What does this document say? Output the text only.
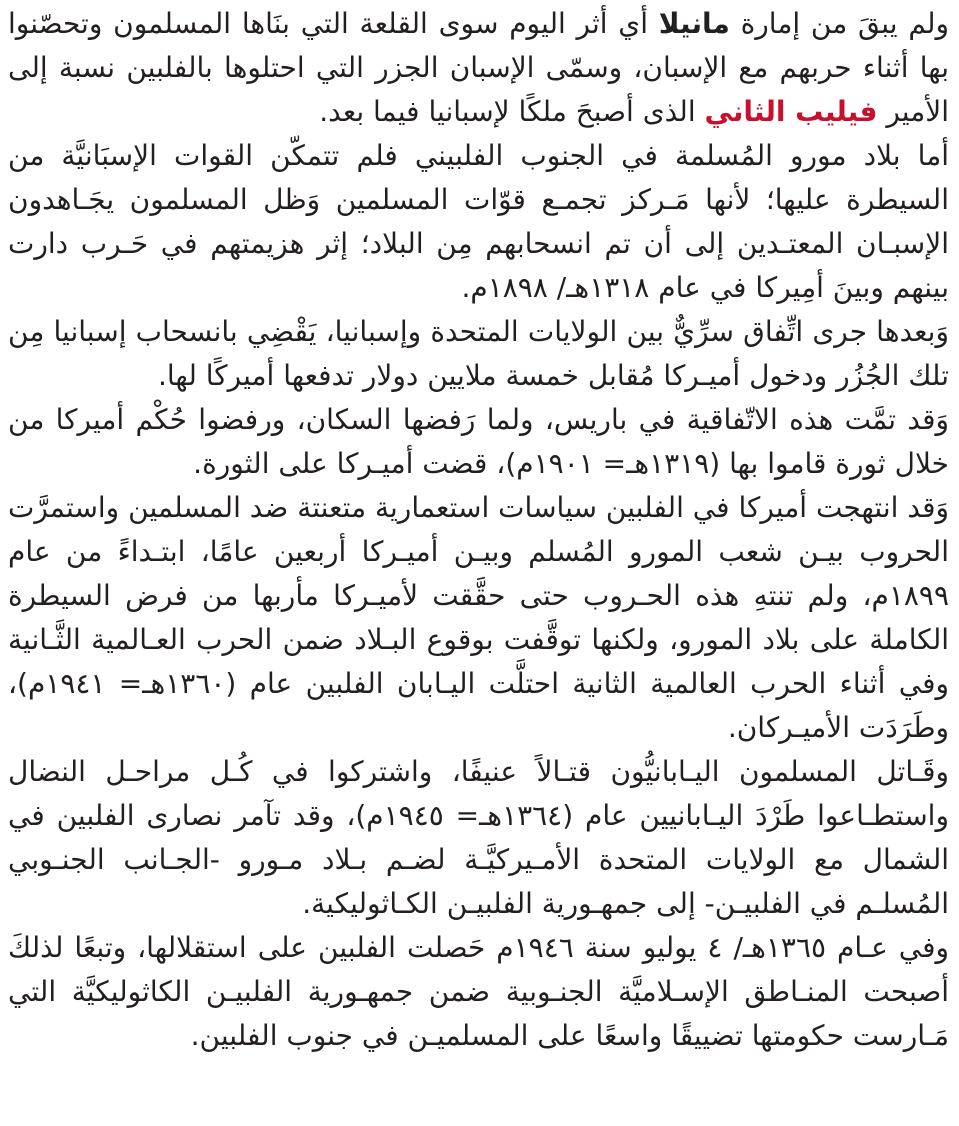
ولم يبقَ من إمارة مانيلا أي أثر اليوم سوى القلعة التي بنَاها المسلمون وتحصّنوا بها أثناء حربهم مع الإسبان، وسمّى الإسبان الجزر التي احتلوها بالفلبين نسبة إلى الأمير فيليب الثاني الذى أصبحَ ملكًا لإسبانيا فيما بعد.

أما بلاد مورو المُسلمة في الجنوب الفلبيني فلم تتمكّن القوات الإسبَانيَّة من السيطرة عليها؛ لأنها مَـركز تجمـع قوّات المسلمين وَظل المسلمون يجَـاهدون الإسبـان المعتـدين إلى أن تم انسحابهم مِن البلاد؛ إثر هزيمتهم في حَـرب دارت بينهم وبينَ أمِيركا في عام ١٣١٨هـ/ ١٨٩٨م.

وَبعدها جرى اتِّفاق سرِّيٌّ بين الولايات المتحدة وإسبانيا، يَقْضِي بانسحاب إسبانيا مِن تلك الجُزُر ودخول أميـركا مُقابل خمسة ملايين دولار تدفعها أميركًا لها.

وَقد تمَّت هذه الاتّفاقية في باريس، ولما رَفضها السكان، ورفضوا حُكْم أميركا من خلال ثورة قاموا بها (١٣١٩هـ= ١٩٠١م)، قضت أميـركا على الثورة.

وَقد انتهجت أميركا في الفلبين سياسات استعمارية متعنتة ضد المسلمين واستمرَّت الحروب بيـن شعب المورو المُسلم وبيـن أميـركا أربعين عامًا، ابتـداءً من عام ١٨٩٩م، ولم تنتهِ هذه الحـروب حتى حقَّقت لأميـركا مأربها من فرض السيطرة الكاملة على بلاد المورو، ولكنها توقَّفت بوقوع البـلاد ضمن الحرب العـالمية الثَّـانية وفي أثناء الحرب العالمية الثانية احتلَّت اليـابان الفلبين عام (١٣٦٠هـ= ١٩٤١م)، وطَرَدَت الأميـركان.

وقَـاتل المسلمون اليـابانيُّون قتـالاً عنيفًا، واشتركوا في كُـل مراحـل النضال واستطـاعوا طَرْدَ اليـابانيين عام (١٣٦٤هـ= ١٩٤٥م)، وقد تآمر نصارى الفلبين في الشمال مع الولايات المتحدة الأمـيركيَّـة لضـم بـلاد مـورو -الجـانب الجنـوبي المُسلـم في الفلبيـن- إلى جمهـورية الفلبيـن الكـاثوليكية.

وفي عـام ١٣٦٥هـ/ ٤ يوليو سنة ١٩٤٦م حَصلت الفلبين على استقلالها، وتبعًا لذلكَ أصبحت المنـاطق الإسـلاميَّة الجنـوبية ضمن جمهـورية الفلبيـن الكاثوليكيَّة التي مَـارست حكومتها تضييقًا واسعًا على المسلميـن في جنوب الفلبين.
